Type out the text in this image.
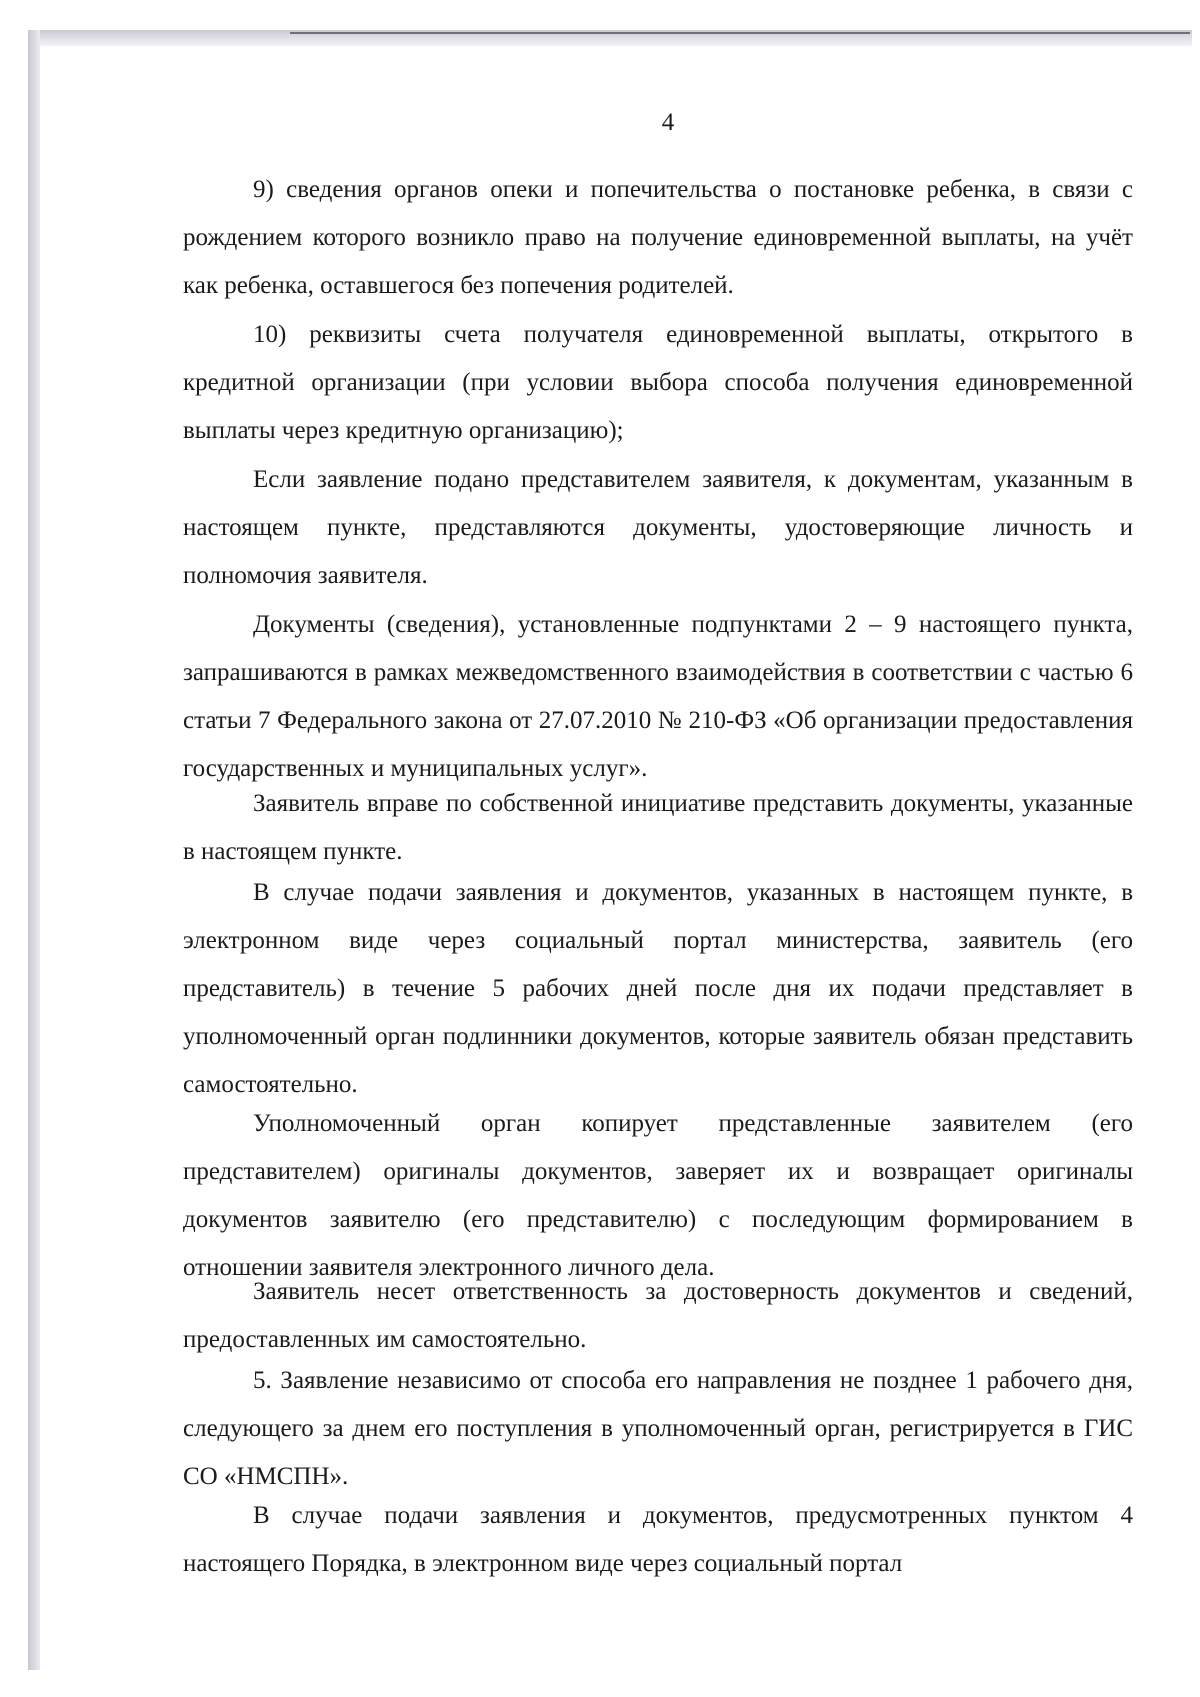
4

9) сведения органов опеки и попечительства о постановке ребенка, в связи с рождением которого возникло право на получение единовременной выплаты, на учёт как ребенка, оставшегося без попечения родителей.

10) реквизиты счета получателя единовременной выплаты, открытого в кредитной организации (при условии выбора способа получения единовременной выплаты через кредитную организацию);

Если заявление подано представителем заявителя, к документам, указанным в настоящем пункте, представляются документы, удостоверяющие личность и полномочия заявителя.

Документы (сведения), установленные подпунктами 2 – 9 настоящего пункта, запрашиваются в рамках межведомственного взаимодействия в соответствии с частью 6 статьи 7 Федерального закона от 27.07.2010 № 210-ФЗ «Об организации предоставления государственных и муниципальных услуг».

Заявитель вправе по собственной инициативе представить документы, указанные в настоящем пункте.

В случае подачи заявления и документов, указанных в настоящем пункте, в электронном виде через социальный портал министерства, заявитель (его представитель) в течение 5 рабочих дней после дня их подачи представляет в уполномоченный орган подлинники документов, которые заявитель обязан представить самостоятельно.

Уполномоченный орган копирует представленные заявителем (его представителем) оригиналы документов, заверяет их и возвращает оригиналы документов заявителю (его представителю) с последующим формированием в отношении заявителя электронного личного дела.

Заявитель несет ответственность за достоверность документов и сведений, предоставленных им самостоятельно.

5. Заявление независимо от способа его направления не позднее 1 рабочего дня, следующего за днем его поступления в уполномоченный орган, регистрируется в ГИС СО «НМСПН».

В случае подачи заявления и документов, предусмотренных пунктом 4 настоящего Порядка, в электронном виде через социальный портал
